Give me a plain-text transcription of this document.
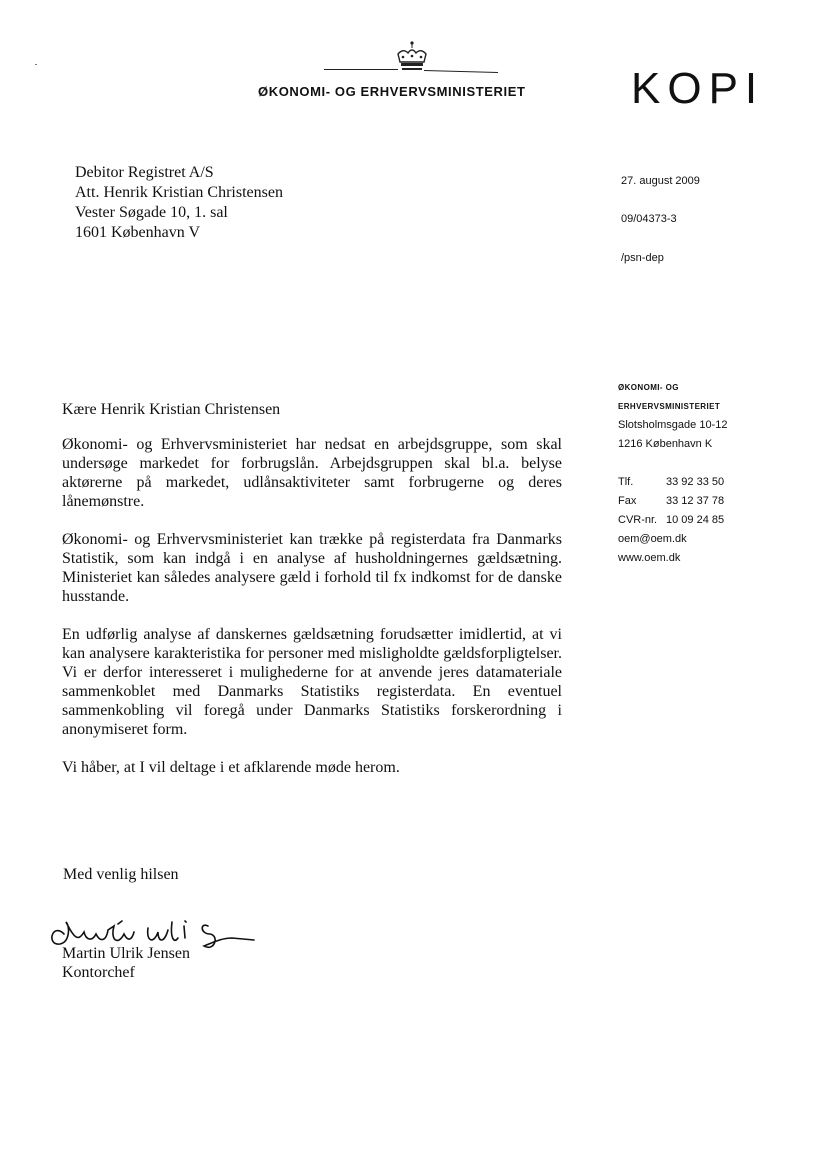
ØKONOMI- OG ERHVERVSMINISTERIET	KOPI
Debitor Registret A/S
Att. Henrik Kristian Christensen
Vester Søgade 10, 1. sal
1601 København V
27. august 2009
09/04373-3
/psn-dep
ØKONOMI- OG
ERHVERVSMINISTERIET
Slotsholmsgade 10-12
1216 København K
Tlf.	33 92 33 50
Fax	33 12 37 78
CVR-nr. 10 09 24 85
oem@oem.dk
www.oem.dk
Kære Henrik Kristian Christensen

Økonomi- og Erhvervsministeriet har nedsat en arbejdsgruppe, som skal undersøge markedet for forbrugslån. Arbejdsgruppen skal bl.a. belyse aktørerne på markedet, udlånsaktiviteter samt forbrugerne og deres lånemønstre.

Økonomi- og Erhvervsministeriet kan trække på registerdata fra Danmarks Statistik, som kan indgå i en analyse af husholdningernes gældsætning. Ministeriet kan således analysere gæld i forhold til fx indkomst for de danske husstande.

En udførlig analyse af danskernes gældsætning forudsætter imidlertid, at vi kan analysere karakteristika for personer med misligholdte gældsforpligtelser. Vi er derfor interesseret i mulighederne for at anvende jeres datamateriale sammenkoblet med Danmarks Statistiks registerdata. En eventuel sammenkobling vil foregå under Danmarks Statistiks forskerordning i anonymiseret form.

Vi håber, at I vil deltage i et afklarende møde herom.

Med venlig hilsen
Martin Ulrik Jensen
Kontorchef
